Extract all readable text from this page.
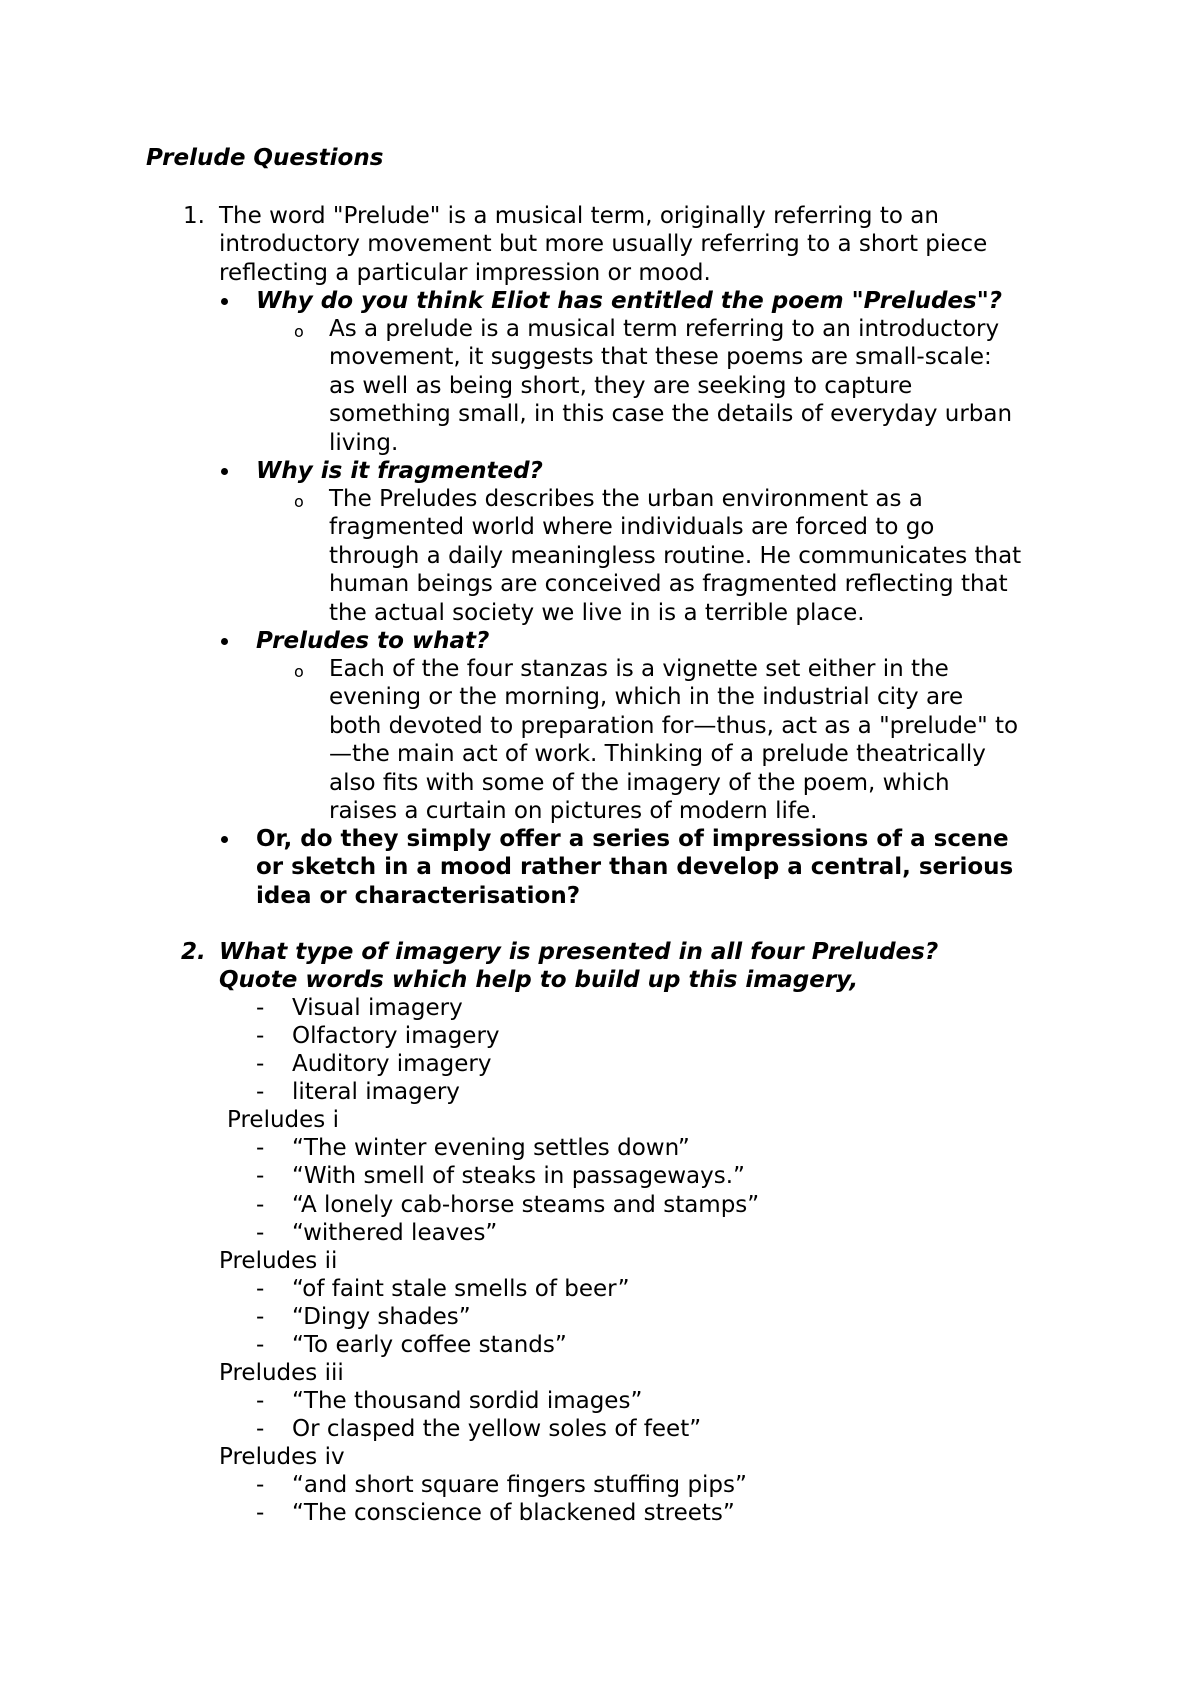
Prelude Questions
1. The word "Prelude" is a musical term, originally referring to an
introductory movement but more usually referring to a short piece
reflecting a particular impression or mood.
Why do you think Eliot has entitled the poem "Preludes"?
o As a prelude is a musical term referring to an introductory
movement, it suggests that these poems are small-scale:
as well as being short, they are seeking to capture
something small, in this case the details of everyday urban
living.
Why is it fragmented?
o The Preludes describes the urban environment as a
fragmented world where individuals are forced to go
through a daily meaningless routine. He communicates that
human beings are conceived as fragmented reflecting that
the actual society we live in is a terrible place.
Preludes to what?
o Each of the four stanzas is a vignette set either in the
evening or the morning, which in the industrial city are
both devoted to preparation for—thus, act as a "prelude" to
—the main act of work. Thinking of a prelude theatrically
also fits with some of the imagery of the poem, which
raises a curtain on pictures of modern life.
Or, do they simply offer a series of impressions of a scene
or sketch in a mood rather than develop a central, serious
idea or characterisation?
2. What type of imagery is presented in all four Preludes?
Quote words which help to build up this imagery,
- Visual imagery
- Olfactory imagery
- Auditory imagery
- literal imagery
Preludes i
- “The winter evening settles down”
- “With smell of steaks in passageways.”
- “A lonely cab-horse steams and stamps”
- “withered leaves”
Preludes ii
- “of faint stale smells of beer”
- “Dingy shades”
- “To early coffee stands”
Preludes iii
- “The thousand sordid images”
- Or clasped the yellow soles of feet”
Preludes iv
- “and short square fingers stuffing pips”
- “The conscience of blackened streets”
